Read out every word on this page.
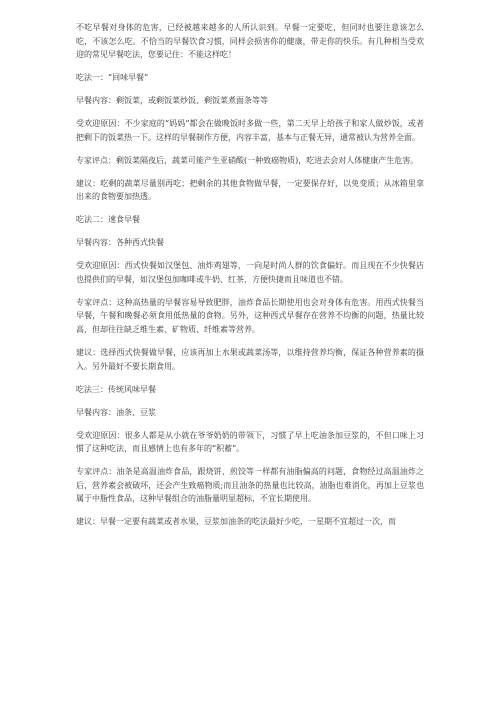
不吃早餐对身体的危害，已经被越来越多的人所认识到。早餐一定要吃，但同时也要注意该怎么吃，不该怎么吃。不恰当的早餐饮食习惯，同样会损害你的健康，带走你的快乐。有几种相当受欢迎的常见早餐吃法，您要记住：不能这样吃！

吃法一：“回味早餐”

早餐内容：剩饭菜，或剩饭菜炒饭、剩饭菜煮面条等等

受欢迎原因：不少家庭的“妈妈”都会在做晚饭时多做一些，第二天早上给孩子和家人做炒饭，或者把剩下的饭菜热一下。这样的早餐制作方便，内容丰富，基本与正餐无异，通常被认为营养全面。

专家评点：剩饭菜隔夜后，蔬菜可能产生亚硝酸(一种致癌物质)，吃进去会对人体健康产生危害。

建议：吃剩的蔬菜尽量别再吃；把剩余的其他食物做早餐，一定要保存好，以免变质；从冰箱里拿出来的食物要加热透。

吃法二：速食早餐

早餐内容：各种西式快餐

受欢迎原因：西式快餐如汉堡包、油炸鸡翅等，一向是时尚人群的饮食偏好。而且现在不少快餐店也提供们的早餐，如汉堡包加咖啡或牛奶、红茶，方便快捷而且味道也不错。

专家评点：这种高热量的早餐容易导致肥胖，油炸食品长期使用也会对身体有危害。用西式快餐当早餐，午餐和晚餐必须食用低热量的食物。另外，这种西式早餐存在营养不均衡的问题，热量比较高，但却往往缺乏维生素、矿物质、纤维素等营养。

建议：选择西式快餐做早餐，应该再加上水果或蔬菜汤等，以维持营养均衡，保证各种营养素的摄入。另外最好不要长期食用。

吃法三：传统风味早餐

早餐内容：油条、豆浆

受欢迎原因：很多人都是从小就在爷爷奶奶的带领下，习惯了早上吃油条加豆浆的，不但口味上习惯了这种吃法，而且感情上也有多年的“积蓄”。

专家评点：油条是高温油炸食品，跟烧饼、煎饺等一样都有油脂偏高的问题，食物经过高温油炸之后，营养素会被破坏，还会产生致癌物质;而且油条的热量也比较高，油脂也难消化，再加上豆浆也属于中脂性食品，这种早餐组合的油脂量明显超标，不宜长期使用。

建议：早餐一定要有蔬菜或者水果，豆浆加油条的吃法最好少吃，一星期不宜超过一次，而
